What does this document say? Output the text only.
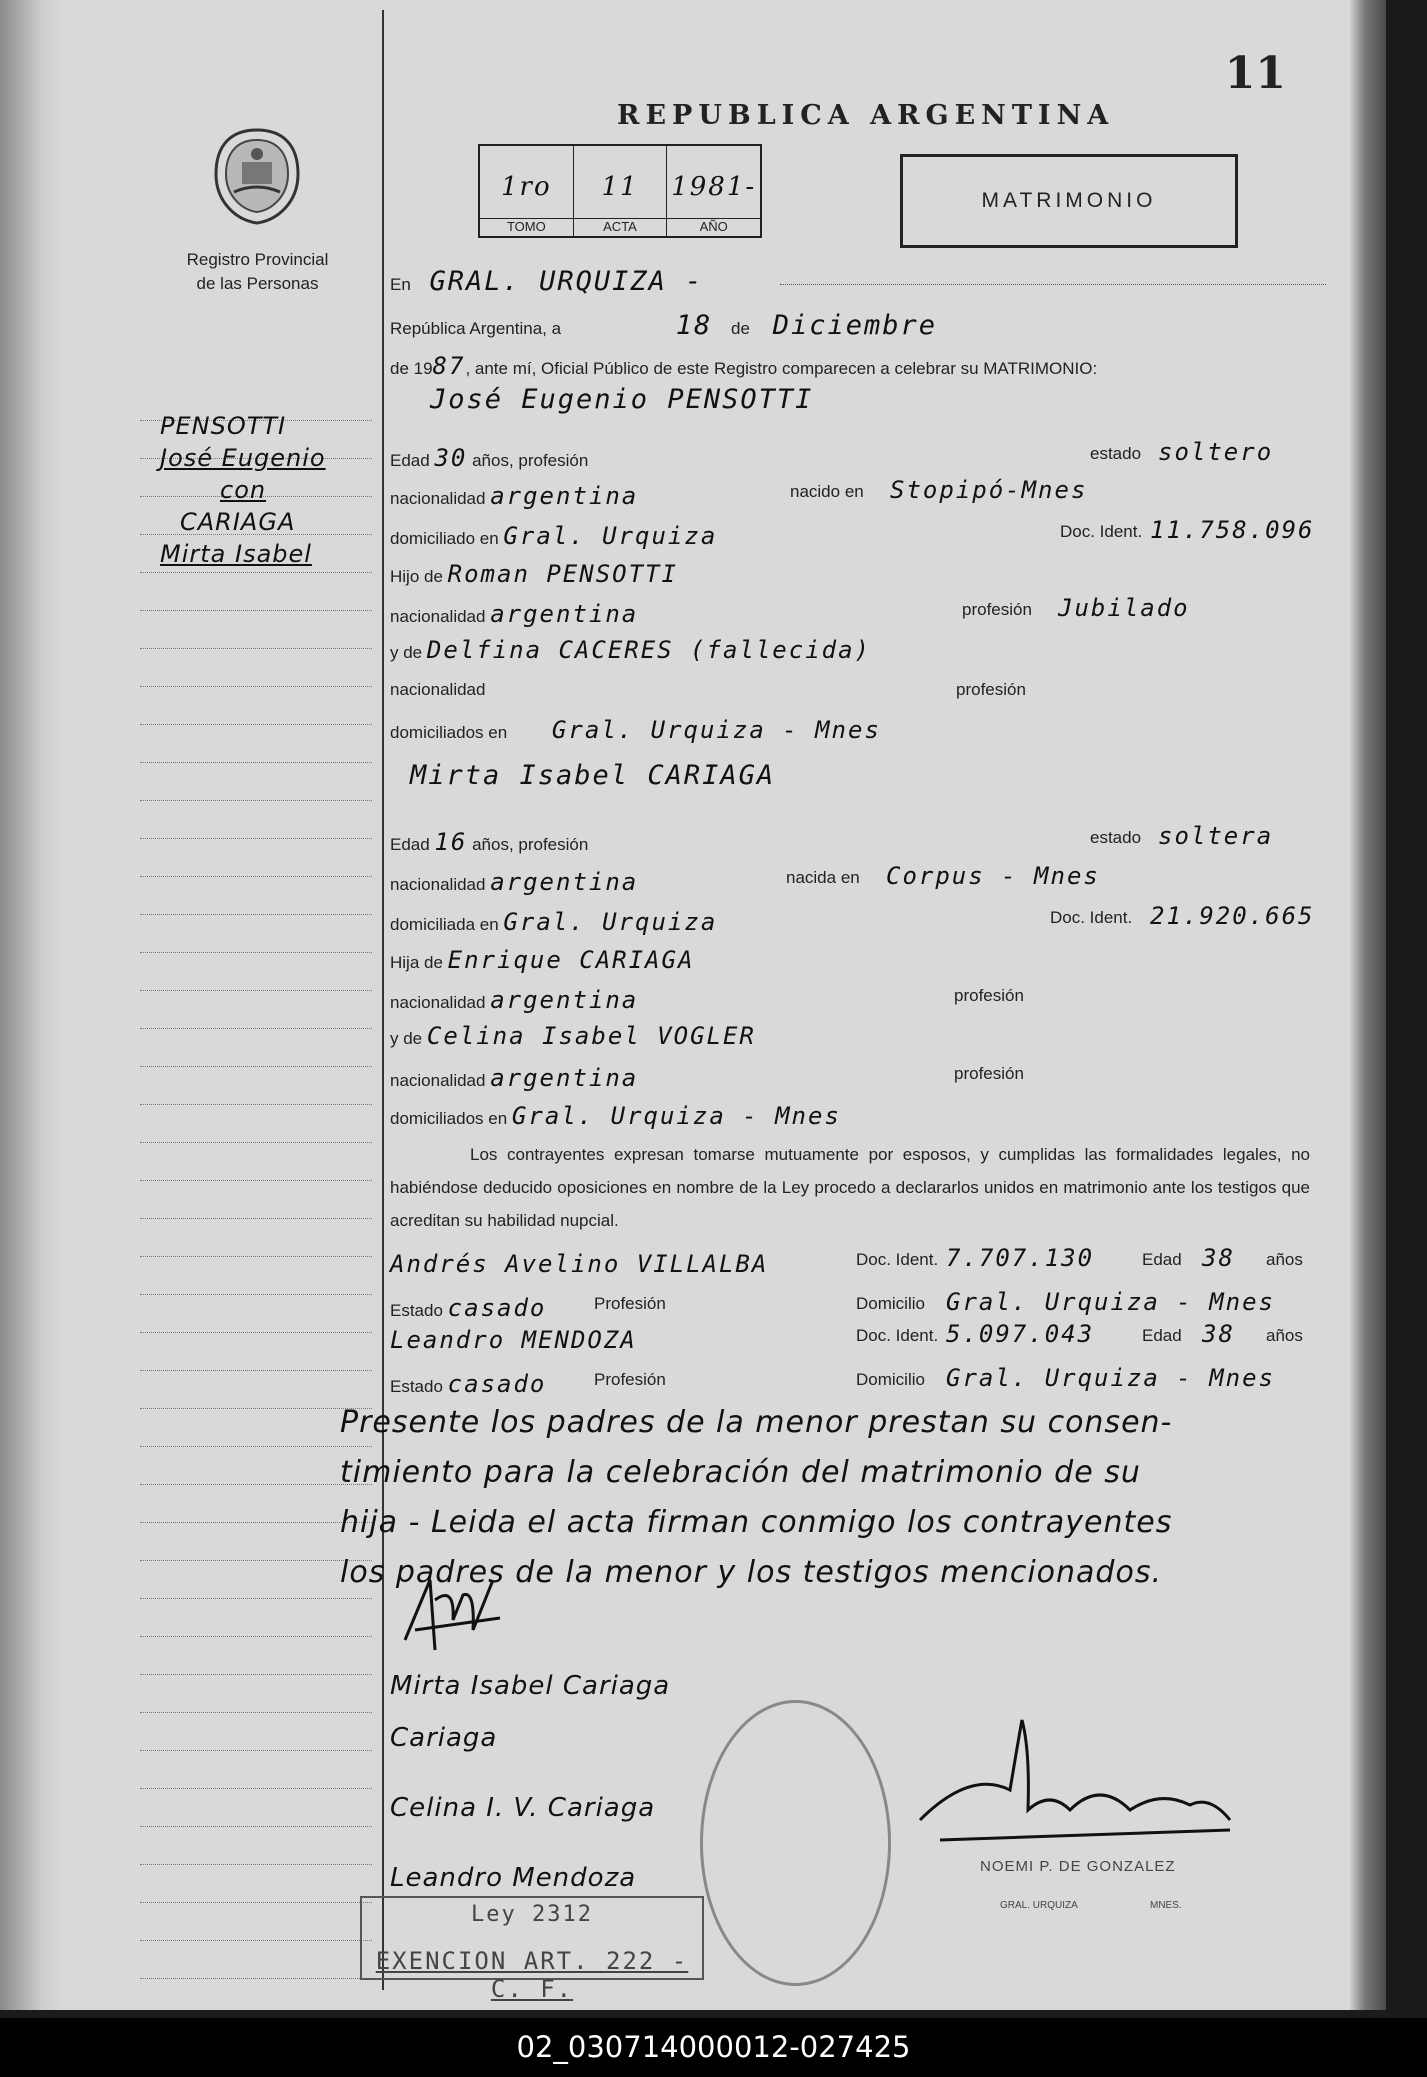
11
REPUBLICA ARGENTINA
Registro Provincial
de las Personas
1ro
TOMO
11
ACTA
1981-
AÑO
MATRIMONIO
PENSOTTI
José Eugenio
con
CARIAGA
Mirta Isabel
En GRAL. URQUIZA -
República Argentina, a	18 de Diciembre
de 1987, ante mí, Oficial Público de este Registro comparecen a celebrar su MATRIMONIO:
José Eugenio PENSOTTI
Edad 30 años, profesión	estado soltero
nacionalidad argentina	nacido en Stopipó-Mnes
domiciliado en Gral. Urquiza	Doc. Ident. 11.758.096
Hijo de Roman PENSOTTI
nacionalidad argentina	profesión Jubilado
y de Delfina CACERES (fallecida)
nacionalidad	profesión
domiciliados en Gral. Urquiza - Mnes
Mirta Isabel CARIAGA
Edad 16 años, profesión	estado soltera
nacionalidad argentina	nacida en Corpus - Mnes
domiciliada en Gral. Urquiza	Doc. Ident. 21.920.665
Hija de Enrique CARIAGA
nacionalidad argentina	profesión
y de Celina Isabel VOGLER
nacionalidad argentina	profesión
domiciliados en Gral. Urquiza - Mnes
Los contrayentes expresan tomarse mutuamente por esposos, y cumplidas las formalidades legales, no habiéndose deducido oposiciones en nombre de la Ley procedo a declararlos unidos en matrimonio ante los testigos que acreditan su habilidad nupcial.
Andrés Avelino VILLALBA	Doc. Ident. 7.707.130	Edad 38 años
Estado casado	Profesión	Domicilio Gral. Urquiza - Mnes
Leandro MENDOZA	Doc. Ident. 5.097.043	Edad 38 años
Estado casado	Profesión	Domicilio Gral. Urquiza - Mnes
Presente los padres de la menor prestan su consen-
timiento para la celebración del matrimonio de su
hija - Leida el acta firman conmigo los contrayentes
los padres de la menor y los testigos mencionados.
Mirta Isabel Cariaga
Cariaga
Celina I. V. Cariaga
Leandro Mendoza	NOEMI P. DE GONZALEZ
GRAL. URQUIZA	MNES.
Ley 2312
EXENCION ART. 222 - C. F.
02_030714000012-027425
